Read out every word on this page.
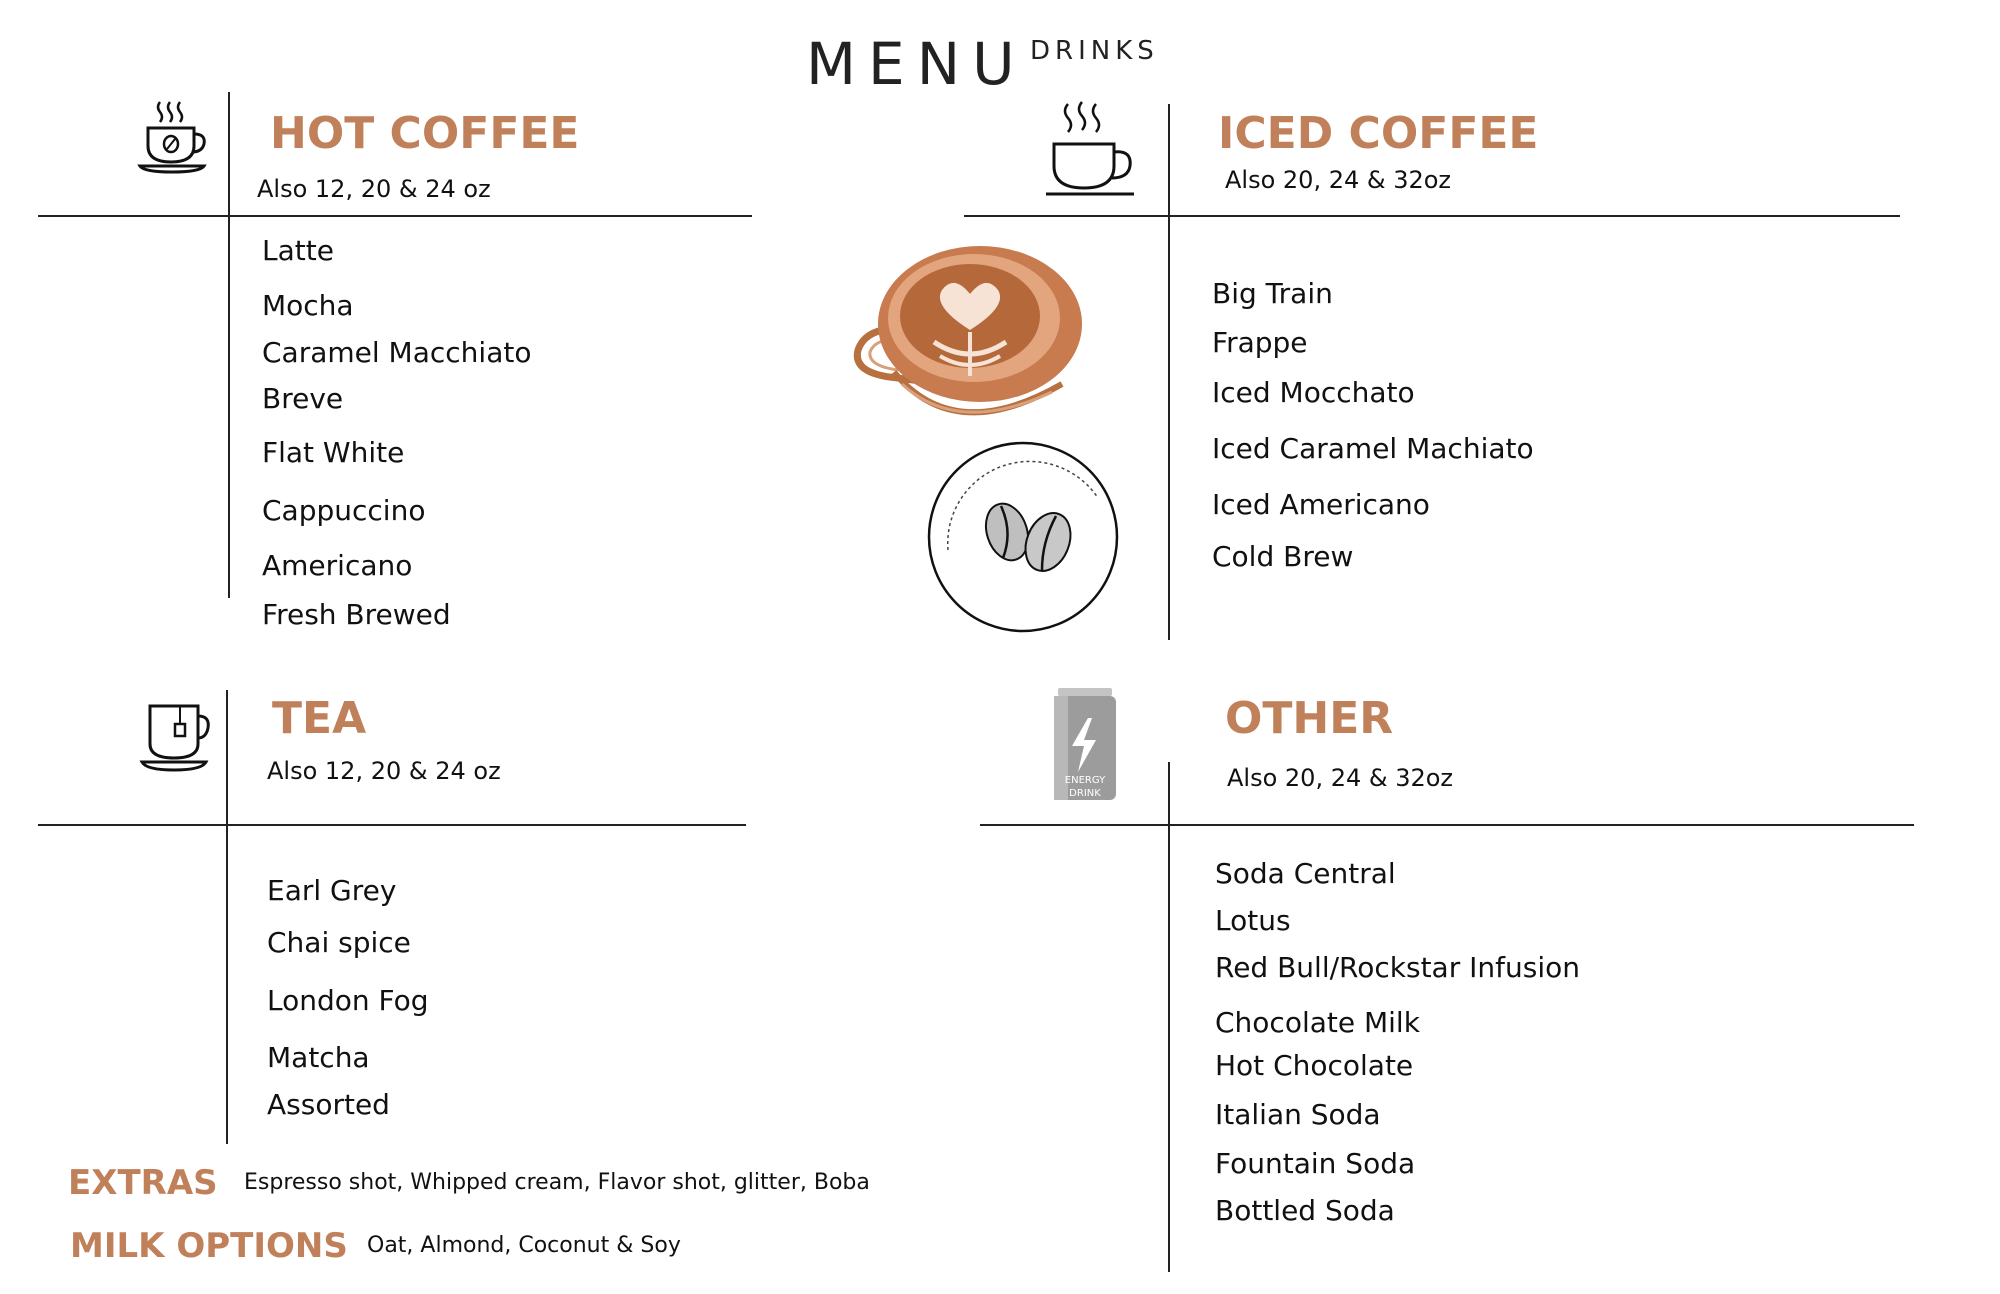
MENU DRINKS
HOT COFFEE
Also 12, 20 & 24 oz
Latte
Mocha
Caramel Macchiato
Breve
Flat White
Cappuccino
Americano
Fresh Brewed
ICED COFFEE
Also 20, 24 & 32oz
Big Train
Frappe
Iced Mocchato
Iced Caramel Machiato
Iced Americano
Cold Brew
TEA
Also 12, 20 & 24 oz
Earl Grey
Chai spice
London Fog
Matcha
Assorted
ENERGY
DRINK
OTHER
Also 20, 24 & 32oz
Soda Central
Lotus
Red Bull/Rockstar Infusion
Chocolate Milk
Hot Chocolate
Italian Soda
Fountain Soda
Bottled Soda
EXTRAS Espresso shot, Whipped cream, Flavor shot, glitter, Boba
MILK OPTIONS Oat, Almond, Coconut & Soy
